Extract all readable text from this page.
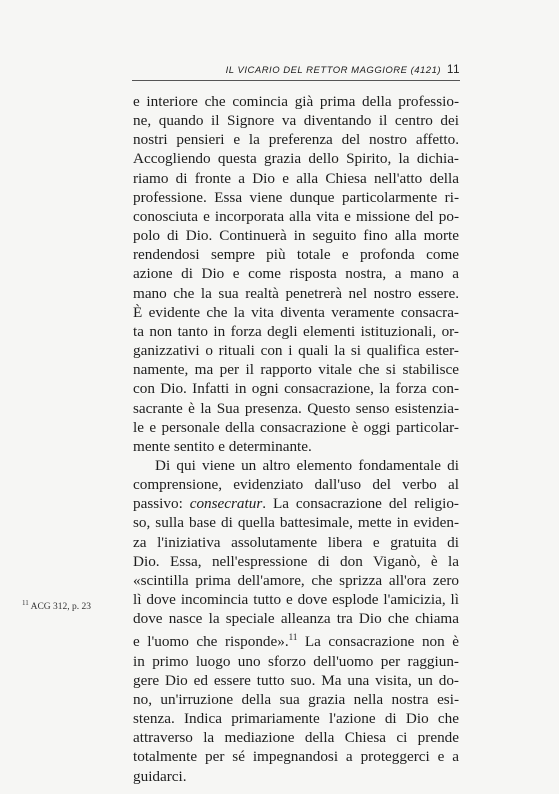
IL VICARIO DEL RETTOR MAGGIORE (4121) 11
e interiore che comincia già prima della professio-
ne, quando il Signore va diventando il centro dei
nostri pensieri e la preferenza del nostro affetto.
Accogliendo questa grazia dello Spirito, la dichia-
riamo di fronte a Dio e alla Chiesa nell'atto della
professione. Essa viene dunque particolarmente ri-
conosciuta e incorporata alla vita e missione del po-
polo di Dio. Continuerà in seguito fino alla morte
rendendosi sempre più totale e profonda come
azione di Dio e come risposta nostra, a mano a
mano che la sua realtà penetrerà nel nostro essere.
È evidente che la vita diventa veramente consacra-
ta non tanto in forza degli elementi istituzionali, or-
ganizzativi o rituali con i quali la si qualifica ester-
namente, ma per il rapporto vitale che si stabilisce
con Dio. Infatti in ogni consacrazione, la forza con-
sacrante è la Sua presenza. Questo senso esistenzia-
le e personale della consacrazione è oggi particolar-
mente sentito e determinante.
Di qui viene un altro elemento fondamentale di
comprensione, evidenziato dall'uso del verbo al
passivo: consecratur. La consacrazione del religio-
so, sulla base di quella battesimale, mette in eviden-
za l'iniziativa assolutamente libera e gratuita di
Dio. Essa, nell'espressione di don Viganò, è la
«scintilla prima dell'amore, che sprizza all'ora zero
lì dove incomincia tutto e dove esplode l'amicizia, lì
dove nasce la speciale alleanza tra Dio che chiama
e l'uomo che risponde».$^{11}$ La consacrazione non è
in primo luogo uno sforzo dell'uomo per raggiun-
gere Dio ed essere tutto suo. Ma una visita, un do-
no, un'irruzione della sua grazia nella nostra esi-
stenza. Indica primariamente l'azione di Dio che
attraverso la mediazione della Chiesa ci prende
totalmente per sé impegnandosi a proteggerci e a
guidarci.
$^{11}$ ACG 312, p. 23
